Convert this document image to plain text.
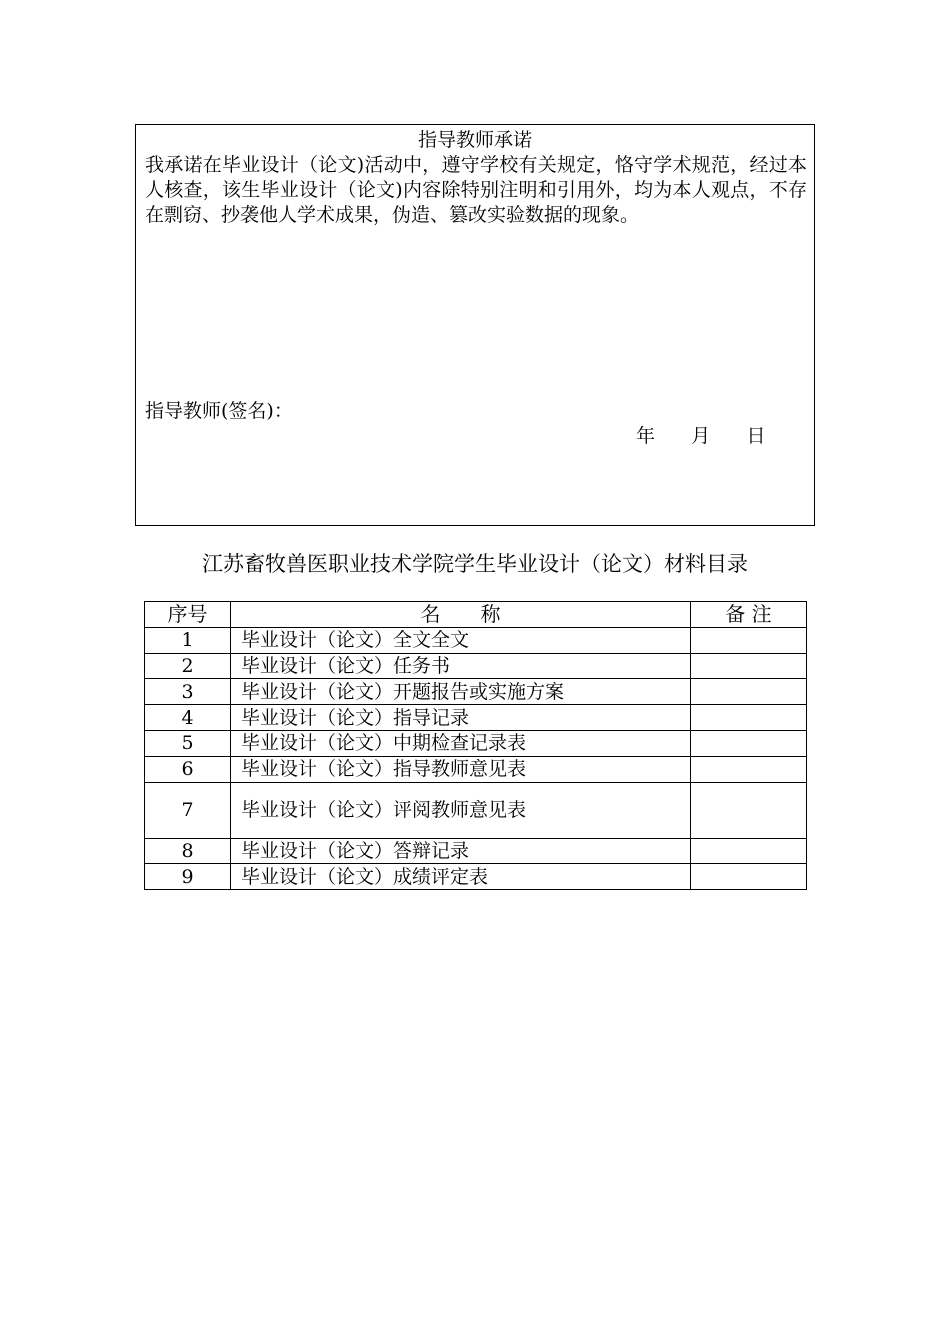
指导教师承诺

我承诺在毕业设计（论文)活动中，遵守学校有关规定，恪守学术规范，经过本人核查，该生毕业设计（论文)内容除特别注明和引用外，均为本人观点，不存在剽窃、抄袭他人学术成果，伪造、篡改实验数据的现象。

指导教师(签名)：
年 月 日
江苏畜牧兽医职业技术学院学生毕业设计（论文）材料目录
序号	名　　称	备 注
1	毕业设计（论文）全文全文	
2	毕业设计（论文）任务书	
3	毕业设计（论文）开题报告或实施方案	
4	毕业设计（论文）指导记录	
5	毕业设计（论文）中期检查记录表	
6	毕业设计（论文）指导教师意见表	
7	毕业设计（论文）评阅教师意见表	
8	毕业设计（论文）答辩记录	
9	毕业设计（论文）成绩评定表	
